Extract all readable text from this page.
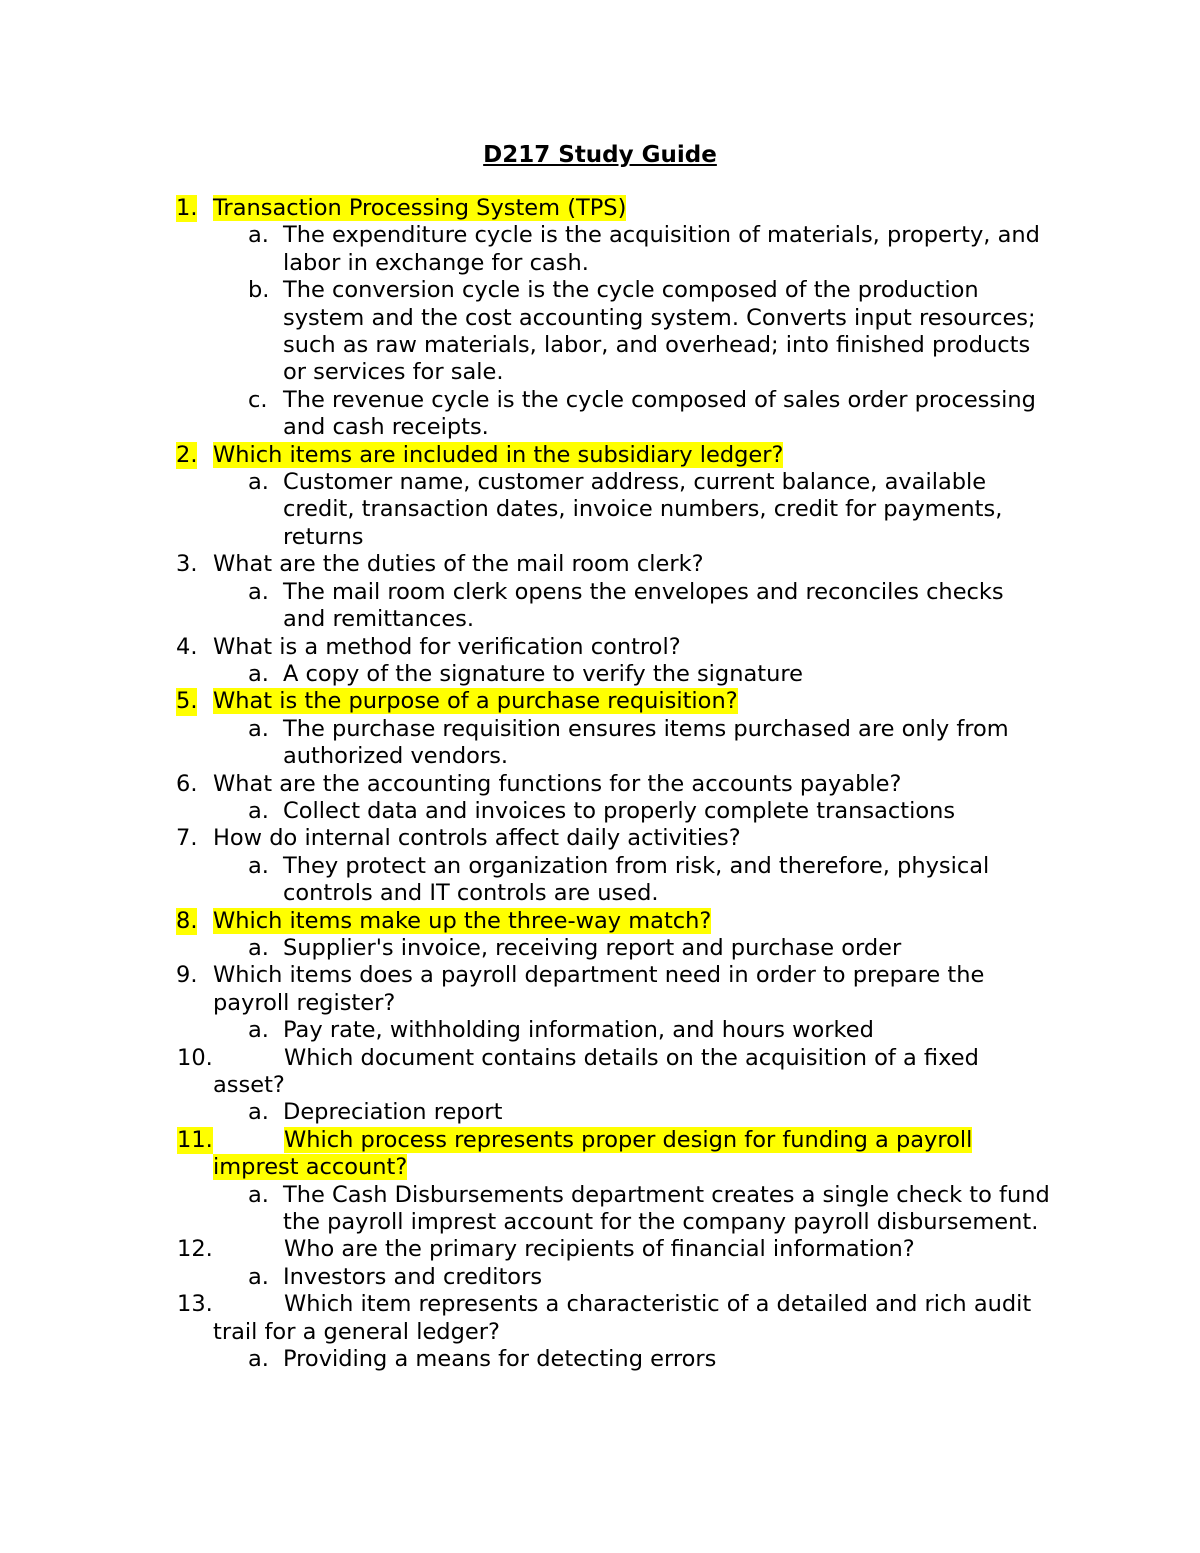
D217 Study Guide
1. Transaction Processing System (TPS)
a. The expenditure cycle is the acquisition of materials, property, and labor in exchange for cash.
b. The conversion cycle is the cycle composed of the production system and the cost accounting system. Converts input resources; such as raw materials, labor, and overhead; into finished products or services for sale.
c. The revenue cycle is the cycle composed of sales order processing and cash receipts.
2. Which items are included in the subsidiary ledger?
a. Customer name, customer address, current balance, available credit, transaction dates, invoice numbers, credit for payments, returns
3. What are the duties of the mail room clerk?
a. The mail room clerk opens the envelopes and reconciles checks and remittances.
4. What is a method for verification control?
a. A copy of the signature to verify the signature
5. What is the purpose of a purchase requisition?
a. The purchase requisition ensures items purchased are only from authorized vendors.
6. What are the accounting functions for the accounts payable?
a. Collect data and invoices to properly complete transactions
7. How do internal controls affect daily activities?
a. They protect an organization from risk, and therefore, physical controls and IT controls are used.
8. Which items make up the three-way match?
a. Supplier's invoice, receiving report and purchase order
9. Which items does a payroll department need in order to prepare the payroll register?
a. Pay rate, withholding information, and hours worked
10.	Which document contains details on the acquisition of a fixed asset?
a. Depreciation report
11.	Which process represents proper design for funding a payroll imprest account?
a. The Cash Disbursements department creates a single check to fund the payroll imprest account for the company payroll disbursement.
12.	Who are the primary recipients of financial information?
a. Investors and creditors
13.	Which item represents a characteristic of a detailed and rich audit trail for a general ledger?
a. Providing a means for detecting errors
